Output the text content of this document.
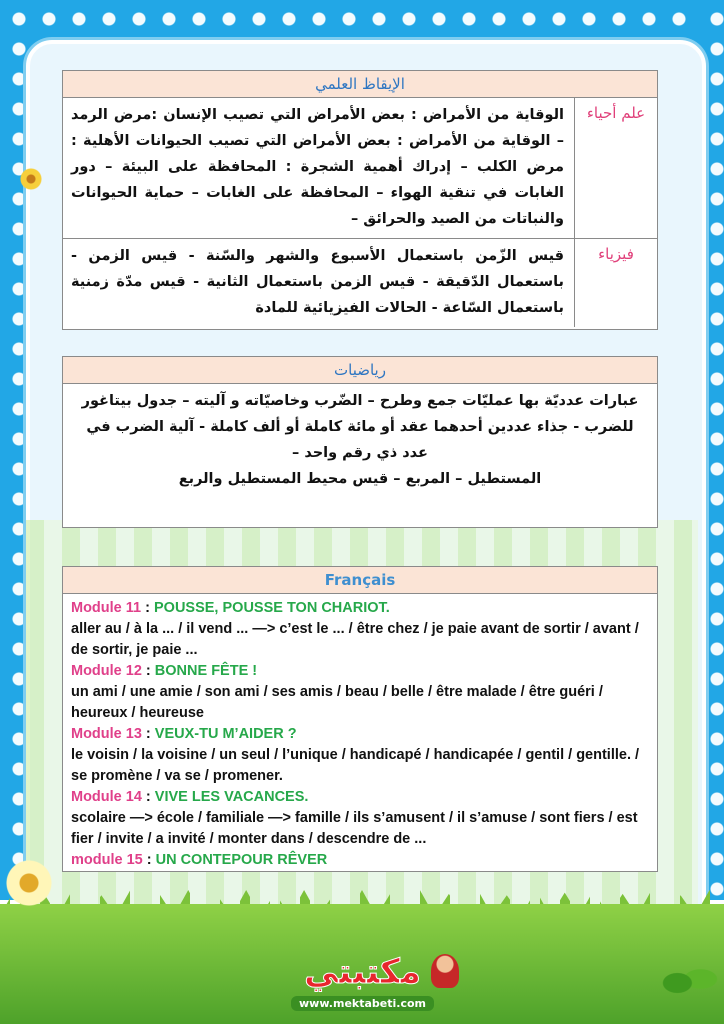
الإيقاظ العلمي
علم أحياء
الوقاية من الأمراض : بعض الأمراض التي تصيب الإنسان :مرض الرمد – الوقاية من الأمراض : بعض الأمراض التي تصيب الحيوانات الأهلية : مرض الكلب – إدراك أهمية الشجرة : المحافظة على البيئة – دور الغابات في تنقية الهواء – المحافظة على الغابات – حماية الحيوانات والنباتات من الصيد والحرائق –
فيزياء
قيس الزّمن باستعمال الأسبوع والشهر والسّنة - قيس الزمن - باستعمال الدّقيقة - قيس الزمن باستعمال الثانية - قيس مدّة زمنية باستعمال السّاعة - الحالات الفيزيائية للمادة
رياضيات
عبارات عدديّة بها عمليّات جمع وطرح – الضّرب وخاصيّاته و آليته – جدول بيتاغور للضرب - جذاء عددين أحدهما عقد أو مائة كاملة أو ألف كاملة - آلية الضرب في عدد ذي رقم واحد –
المستطيل – المربع – قيس محيط المستطيل والربع
Français
Module 11 : POUSSE, POUSSE TON CHARIOT.
aller au / à la ... / il vend ... —> c’est le ... / être chez / je paie avant de sortir / avant / de sortir, je paie ...
Module 12 : BONNE FÊTE !
un ami / une amie / son ami / ses amis / beau / belle / être malade / être guéri / heureux / heureuse
Module 13 : VEUX-TU M’AIDER ?
le voisin / la voisine / un seul / l’unique / handicapé / handicapée / gentil / gentille. / se promène / va se / promener.
Module 14 : VIVE LES VACANCES.
scolaire —> école / familiale —> famille / ils s’amusent / il s’amuse / sont fiers / est fier / invite / a invité / monter dans / descendre de ...
module 15 : UN CONTEPOUR RÊVER
مكتبتي
www.mektabeti.com
